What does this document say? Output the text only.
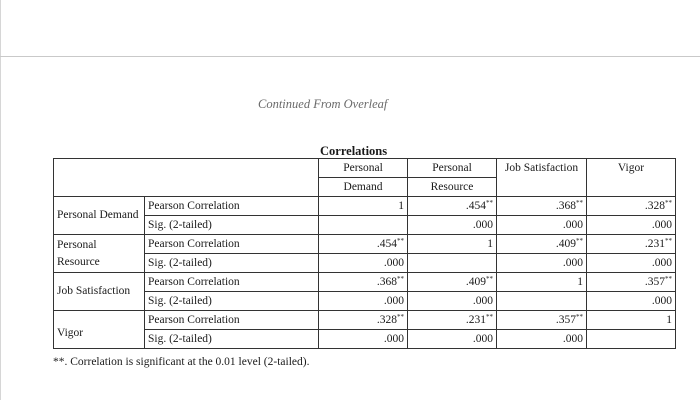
Continued From Overleaf
Correlations
		Personal	Personal	Job Satisfaction	Vigor
		Demand	Resource		
Personal Demand	Pearson Correlation	1	.454**	.368**	.328**
	Sig. (2-tailed)		.000	.000	.000
Personal
Resource	Pearson Correlation	.454**	1	.409**	.231**
	Sig. (2-tailed)	.000		.000	.000
Job Satisfaction	Pearson Correlation	.368**	.409**	1	.357**
	Sig. (2-tailed)	.000	.000		.000
Vigor	Pearson Correlation	.328**	.231**	.357**	1
	Sig. (2-tailed)	.000	.000	.000	
**. Correlation is significant at the 0.01 level (2-tailed).
